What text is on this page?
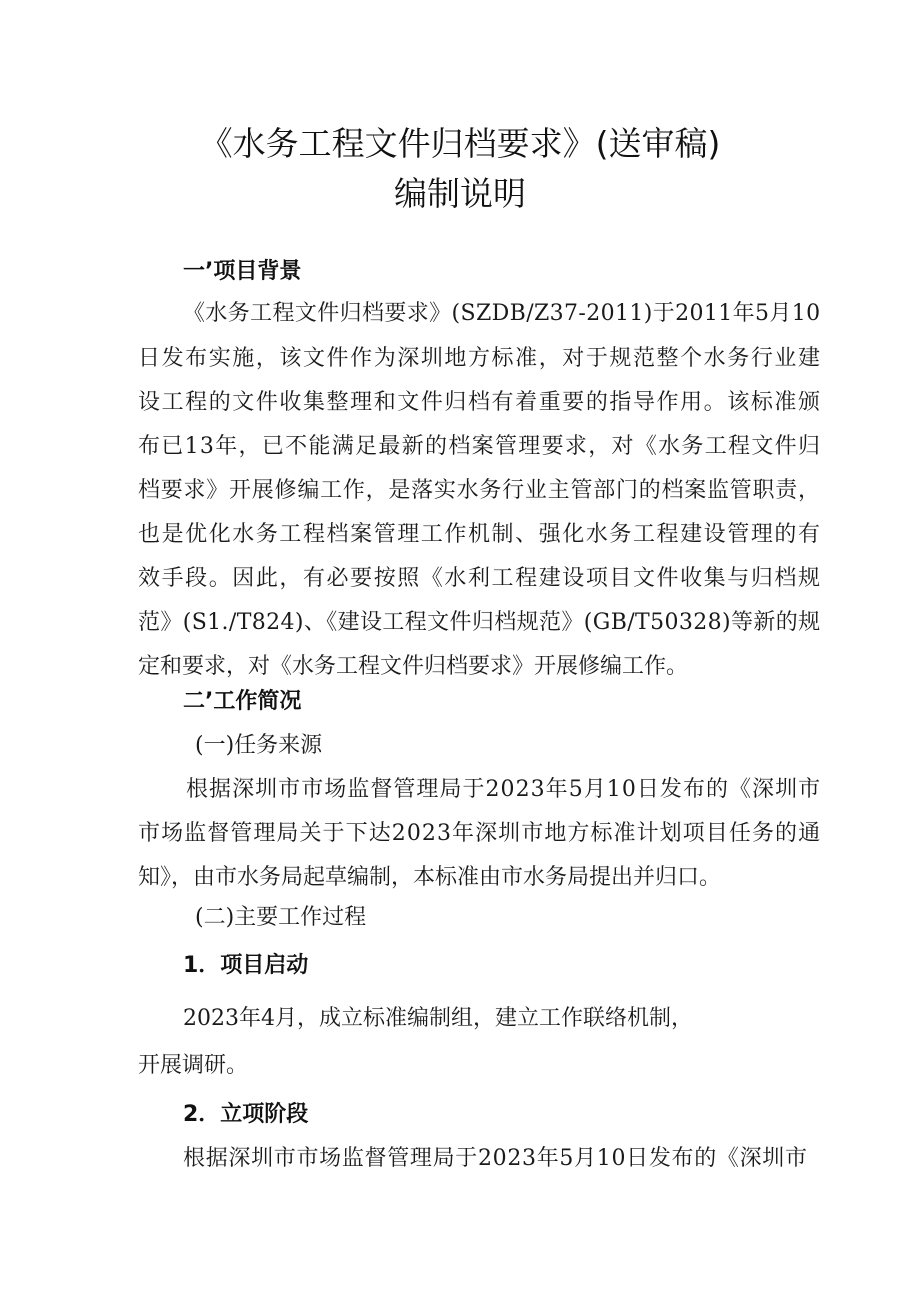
《水务工程文件归档要求》(送审稿)
编制说明
一’项目背景
《水务工程文件归档要求》(SZDB/Z37-2011)于2011年5月10
日发布实施，该文件作为深圳地方标准，对于规范整个水务行业建
设工程的文件收集整理和文件归档有着重要的指导作用。该标准颁
布已13年，已不能满足最新的档案管理要求，对《水务工程文件归
档要求》开展修编工作，是落实水务行业主管部门的档案监管职责，
也是优化水务工程档案管理工作机制、强化水务工程建设管理的有
效手段。因此，有必要按照《水利工程建设项目文件收集与归档规
范》(S1./T824)、《建设工程文件归档规范》(GB/T50328)等新的规
定和要求，对《水务工程文件归档要求》开展修编工作。
二’工作简况
(一)任务来源
根据深圳市市场监督管理局于2023年5月10日发布的《深圳市
市场监督管理局关于下达2023年深圳市地方标准计划项目任务的通
知》，由市水务局起草编制，本标准由市水务局提出并归口。
(二)主要工作过程
1．项目启动
2023年4月，成立标准编制组，建立工作联络机制，
开展调研。
2．立项阶段
根据深圳市市场监督管理局于2023年5月10日发布的《深圳市
